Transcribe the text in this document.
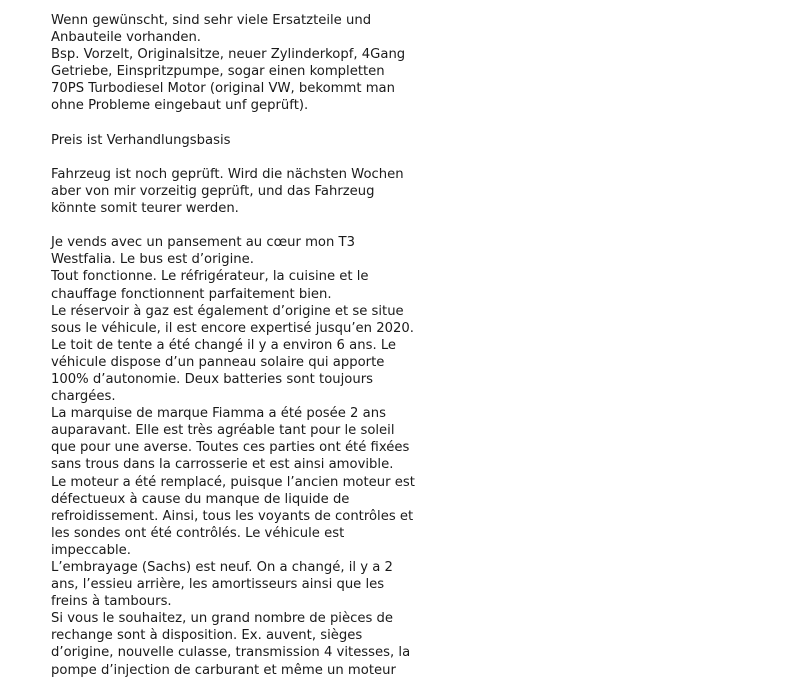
Wenn gewünscht, sind sehr viele Ersatzteile und
Anbauteile vorhanden.
Bsp. Vorzelt, Originalsitze, neuer Zylinderkopf, 4Gang
Getriebe, Einspritzpumpe, sogar einen kompletten
70PS Turbodiesel Motor (original VW, bekommt man
ohne Probleme eingebaut unf geprüft).

Preis ist Verhandlungsbasis

Fahrzeug ist noch geprüft. Wird die nächsten Wochen
aber von mir vorzeitig geprüft, und das Fahrzeug
könnte somit teurer werden.

Je vends avec un pansement au cœur mon T3
Westfalia. Le bus est d’origine.
Tout fonctionne. Le réfrigérateur, la cuisine et le
chauffage fonctionnent parfaitement bien.
Le réservoir à gaz est également d’origine et se situe
sous le véhicule, il est encore expertisé jusqu’en 2020.
Le toit de tente a été changé il y a environ 6 ans. Le
véhicule dispose d’un panneau solaire qui apporte
100% d’autonomie. Deux batteries sont toujours
chargées.
La marquise de marque Fiamma a été posée 2 ans
auparavant. Elle est très agréable tant pour le soleil
que pour une averse. Toutes ces parties ont été fixées
sans trous dans la carrosserie et est ainsi amovible.
Le moteur a été remplacé, puisque l’ancien moteur est
défectueux à cause du manque de liquide de
refroidissement. Ainsi, tous les voyants de contrôles et
les sondes ont été contrôlés. Le véhicule est
impeccable.
L’embrayage (Sachs) est neuf. On a changé, il y a 2
ans, l’essieu arrière, les amortisseurs ainsi que les
freins à tambours.
Si vous le souhaitez, un grand nombre de pièces de
rechange sont à disposition. Ex. auvent, sièges
d’origine, nouvelle culasse, transmission 4 vitesses, la
pompe d’injection de carburant et même un moteur
